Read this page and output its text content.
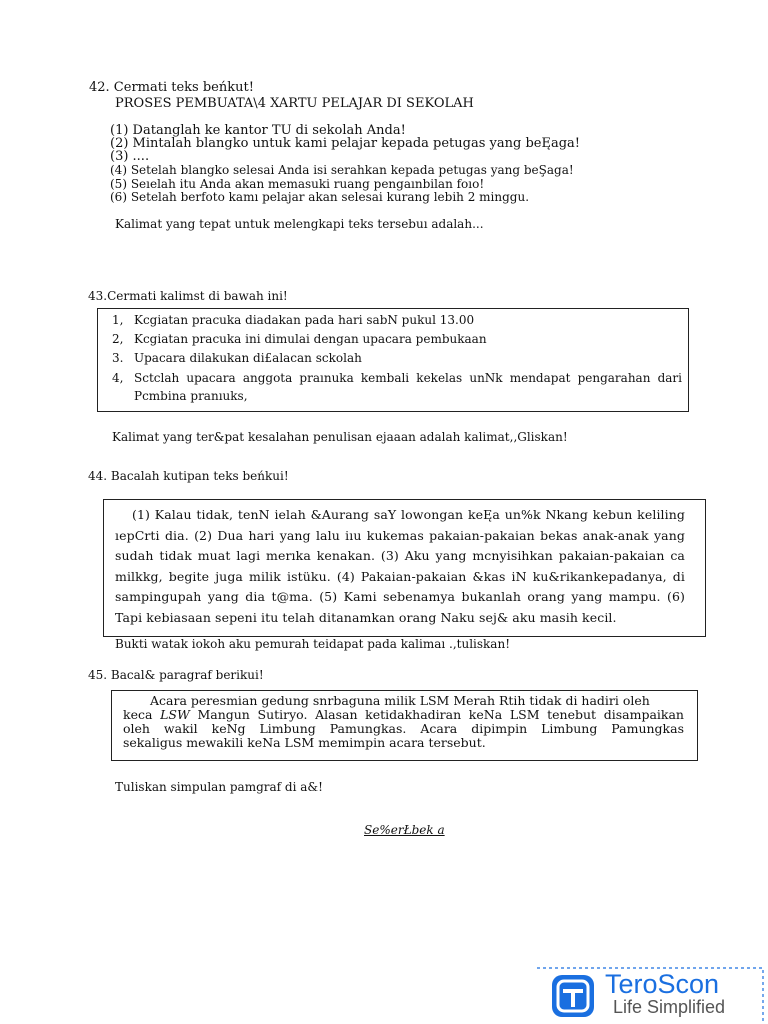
42. Cermati teks beńkut!
PROSES PEMBUATA\4 XARTU PELAJAR DI SEKOLAH
(1) Datanglah ke kantor TU di sekolah Anda!
(2) Mintalah blangko untuk kami pelajar kepada petugas yang beĘaga!
(3) ....
(4) Setelah blangko selesai Anda isi serahkan kepada petugas yang beŞaga!
(5) Seıelah itu Anda akan memasuki ruang pengaınbilan foıo!
(6) Setelah berfoto kamı pelajar akan selesai kurang lebih 2 minggu.
Kalimat yang tepat untuk melengkapi teks tersebuı adalah...
43.Cermati kalimst di bawah ini!
1, Kcgiatan pracuka diadakan pada hari sabN pukul 13.00
2, Kcgiatan pracuka ini dimulai dengan upacara pembukaan
3. Upacara dilakukan di£alacan sckolah
4, Sctclah upacara anggota praınuka kembali kekelas unNk mendapat pengarahan dari
Pcmbina pranıuks,
Kalimat yang ter&pat kesalahan penulisan ejaaan adalah kalimat,,Gliskan!
44. Bacalah kutipan teks beńkui!
(1) Kalau tidak, tenN ielah &Aurang saY lowongan keĘa un%k Nkang kebun keliling ıepCrti dia. (2) Dua hari yang lalu iıu kukemas pakaian-pakaian bekas anak-anak yang sudah tidak muat lagi merıka kenakan. (3) Aku yang mcnyisihkan pakaian-pakaian ca milkkg, begite juga milik istüku. (4) Pakaian-pakaian &kas iN ku&rikankepadanya, di sampingupah yang dia t@ma. (5) Kami sebenamya bukanlah orang yang mampu. (6) Tapi kebiasaan sepeni itu telah ditanamkan orang Naku sej& aku masih kecil.
Bukti watak iokoh aku pemurah teidapat pada kalimaı .,tuliskan!
45. Bacal& paragraf berikui!
Acara peresmian gedung snrbaguna milik LSM Merah Rtih tidak di hadiri oleh
keca LSW Mangun Sutiryo. Alasan ketidakhadiran keNa LSM tenebut disampaikan
oleh wakil keNg Limbung Pamungkas. Acara dipimpin Limbung Pamungkas
sekaligus mewakili keNa LSM memimpin acara tersebut.
Tuliskan simpulan pamgraf di a&!
Se%erŁbek a
TeroScon
Life Simplified
